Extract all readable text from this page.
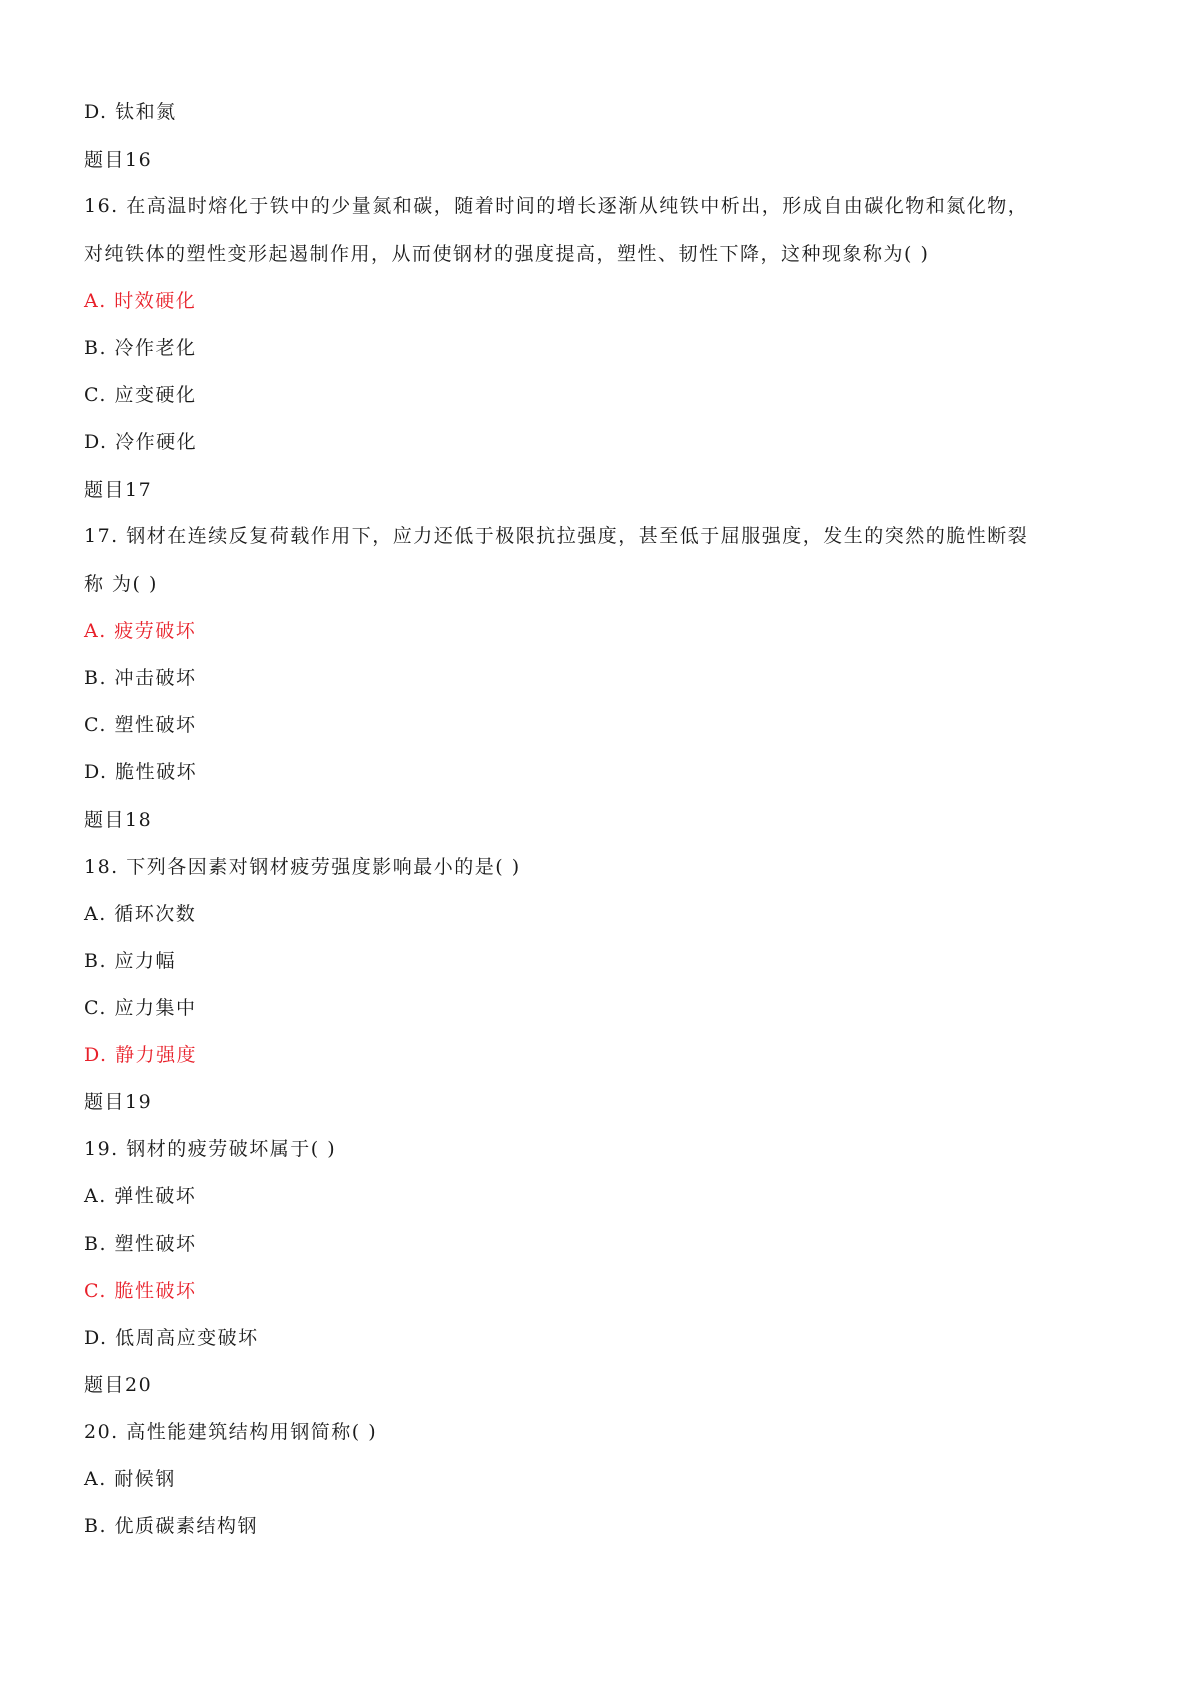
D. 钛和氮
题目16
16. 在高温时熔化于铁中的少量氮和碳，随着时间的增长逐渐从纯铁中析出，形成自由碳化物和氮化物，
对纯铁体的塑性变形起遏制作用，从而使钢材的强度提高，塑性、韧性下降，这种现象称为( )
A. 时效硬化
B. 冷作老化
C. 应变硬化
D. 冷作硬化
题目17
17. 钢材在连续反复荷载作用下，应力还低于极限抗拉强度，甚至低于屈服强度，发生的突然的脆性断裂
称 为( )
A. 疲劳破坏
B. 冲击破坏
C. 塑性破坏
D. 脆性破坏
题目18
18. 下列各因素对钢材疲劳强度影响最小的是( )
A. 循环次数
B. 应力幅
C. 应力集中
D. 静力强度
题目19
19. 钢材的疲劳破坏属于( )
A. 弹性破坏
B. 塑性破坏
C. 脆性破坏
D. 低周高应变破坏
题目20
20. 高性能建筑结构用钢简称( )
A. 耐候钢
B. 优质碳素结构钢
